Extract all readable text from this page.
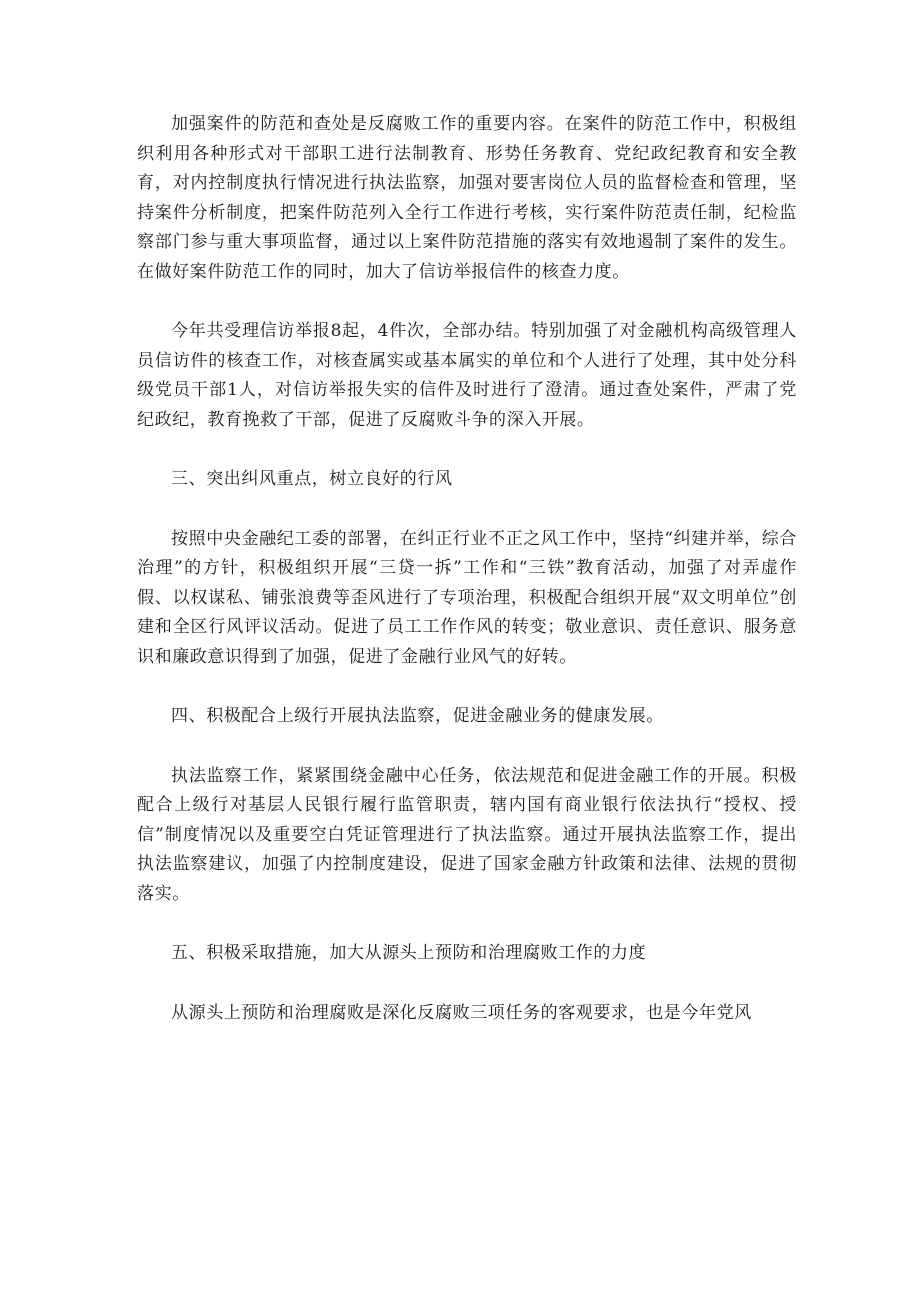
加强案件的防范和查处是反腐败工作的重要内容。在案件的防范工作中，积极组织利用各种形式对干部职工进行法制教育、形势任务教育、党纪政纪教育和安全教育，对内控制度执行情况进行执法监察，加强对要害岗位人员的监督检查和管理，坚持案件分析制度，把案件防范列入全行工作进行考核，实行案件防范责任制，纪检监察部门参与重大事项监督，通过以上案件防范措施的落实有效地遏制了案件的发生。在做好案件防范工作的同时，加大了信访举报信件的核查力度。

今年共受理信访举报8起，4件次，全部办结。特别加强了对金融机构高级管理人员信访件的核查工作，对核查属实或基本属实的单位和个人进行了处理，其中处分科级党员干部1人，对信访举报失实的信件及时进行了澄清。通过查处案件，严肃了党纪政纪，教育挽救了干部，促进了反腐败斗争的深入开展。

三、突出纠风重点，树立良好的行风

按照中央金融纪工委的部署，在纠正行业不正之风工作中，坚持“纠建并举，综合治理”的方针，积极组织开展“三贷一拆”工作和“三铁”教育活动，加强了对弄虚作假、以权谋私、铺张浪费等歪风进行了专项治理，积极配合组织开展“双文明单位”创建和全区行风评议活动。促进了员工工作作风的转变；敬业意识、责任意识、服务意识和廉政意识得到了加强，促进了金融行业风气的好转。

四、积极配合上级行开展执法监察，促进金融业务的健康发展。

执法监察工作，紧紧围绕金融中心任务，依法规范和促进金融工作的开展。积极配合上级行对基层人民银行履行监管职责，辖内国有商业银行依法执行“授权、授信”制度情况以及重要空白凭证管理进行了执法监察。通过开展执法监察工作，提出执法监察建议，加强了内控制度建设，促进了国家金融方针政策和法律、法规的贯彻落实。

五、积极采取措施，加大从源头上预防和治理腐败工作的力度

从源头上预防和治理腐败是深化反腐败三项任务的客观要求，也是今年党风
